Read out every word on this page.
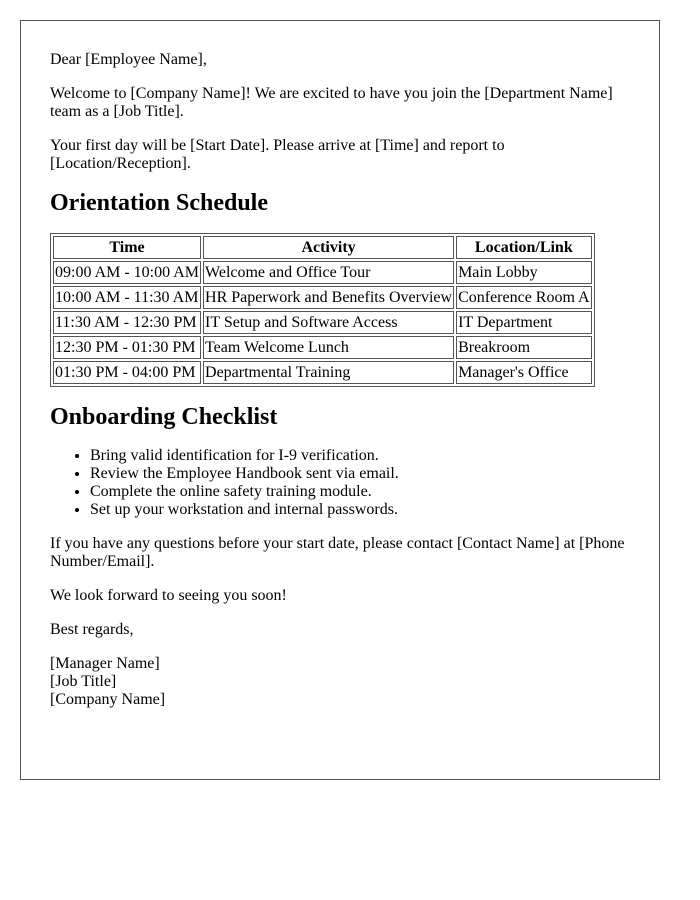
Dear [Employee Name],

Welcome to [Company Name]! We are excited to have you join the [Department Name] team as a [Job Title].

Your first day will be [Start Date]. Please arrive at [Time] and report to [Location/Reception].

Orientation Schedule
Time	Activity	Location/Link
09:00 AM - 10:00 AM	Welcome and Office Tour	Main Lobby
10:00 AM - 11:30 AM	HR Paperwork and Benefits Overview	Conference Room A
11:30 AM - 12:30 PM	IT Setup and Software Access	IT Department
12:30 PM - 01:30 PM	Team Welcome Lunch	Breakroom
01:30 PM - 04:00 PM	Departmental Training	Manager's Office
Onboarding Checklist
• Bring valid identification for I-9 verification.
• Review the Employee Handbook sent via email.
• Complete the online safety training module.
• Set up your workstation and internal passwords.

If you have any questions before your start date, please contact [Contact Name] at [Phone Number/Email].

We look forward to seeing you soon!

Best regards,

[Manager Name]
[Job Title]
[Company Name]
